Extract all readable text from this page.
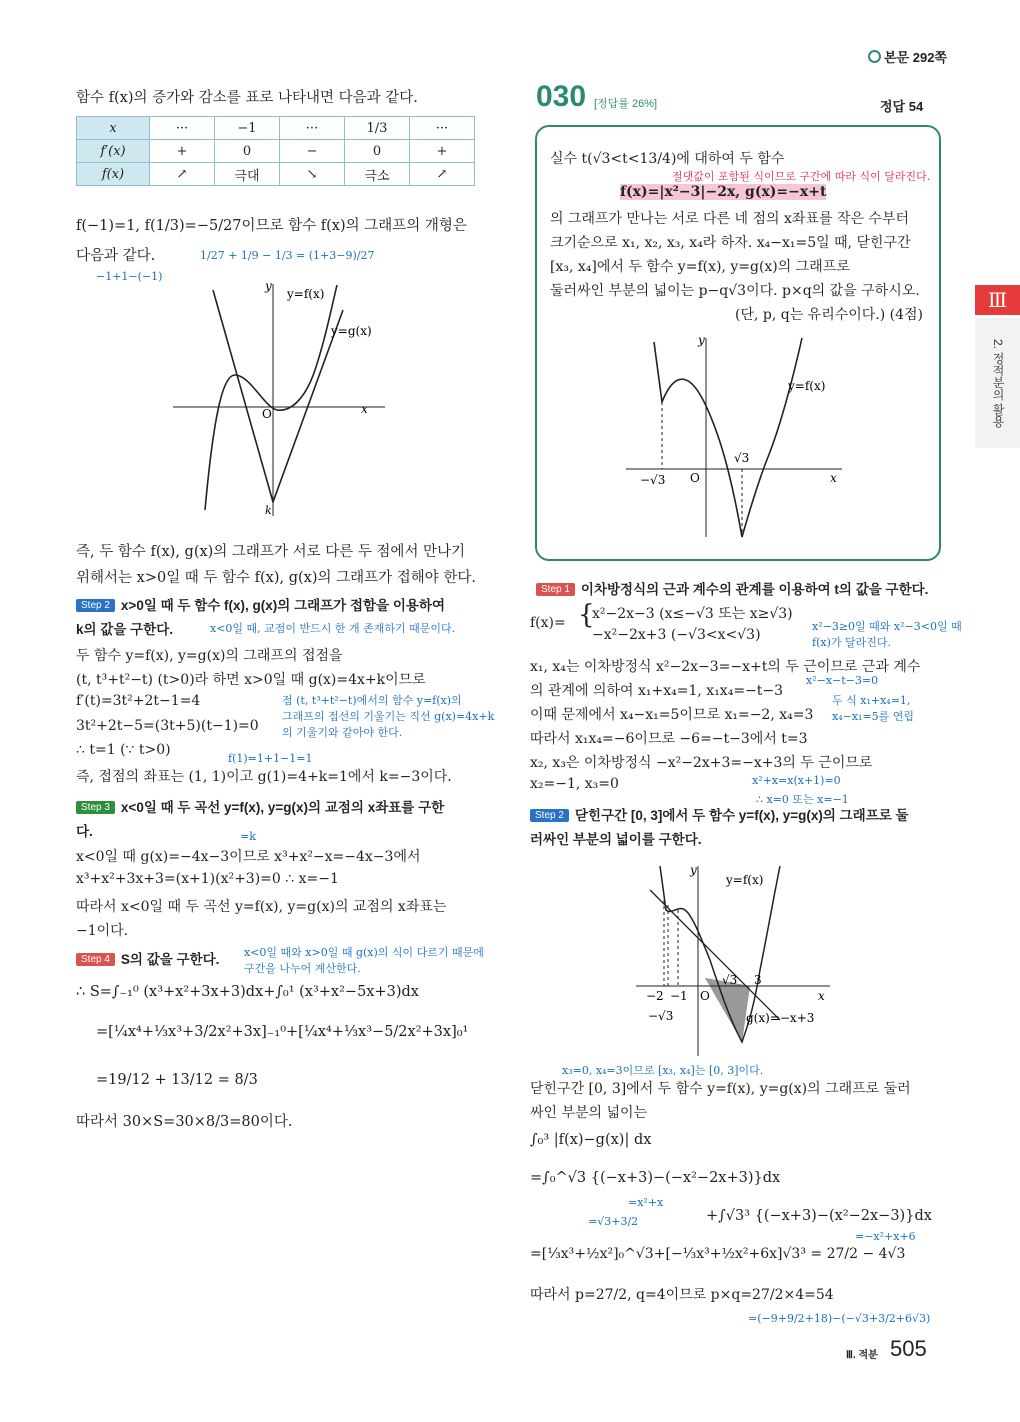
본문 292쪽
함수 f(x)의 증가와 감소를 표로 나타내면 다음과 같다.
x	···	−1	···	1/3	···
f′(x)	+	0	−	0	+
f(x)	↗	극대	↘	극소	↗
f(−1)=1, f(1/3)=−5/27이므로 함수 f(x)의 그래프의 개형은
다음과 같다.	1/27 + 1/9 − 1/3 = (1+3−9)/27
−1+1−(−1)
x
y
O
k
y=f(x)
y=g(x)
즉, 두 함수 f(x), g(x)의 그래프가 서로 다른 두 점에서 만나기
위해서는 x>0일 때 두 함수 f(x), g(x)의 그래프가 접해야 한다.
Step 2 x>0일 때 두 함수 f(x), g(x)의 그래프가 접함을 이용하여
k의 값을 구한다.	x<0일 때, 교점이 반드시 한 개 존재하기 때문이다.
두 함수 y=f(x), y=g(x)의 그래프의 접점을
(t, t³+t²−t) (t>0)라 하면 x>0일 때 g(x)=4x+k이므로
f′(t)=3t²+2t−1=4
3t²+2t−5=(3t+5)(t−1)=0
점 (t, t³+t²−t)에서의 함수 y=f(x)의
그래프의 접선의 기울기는 직선 g(x)=4x+k
의 기울기와 같아야 한다.
∴ t=1 (∵ t>0)
f(1)=1+1−1=1
즉, 접점의 좌표는 (1, 1)이고 g(1)=4+k=1에서 k=−3이다.
Step 3 x<0일 때 두 곡선 y=f(x), y=g(x)의 교점의 x좌표를 구한
다.	=k
x<0일 때 g(x)=−4x−3이므로 x³+x²−x=−4x−3에서
x³+x²+3x+3=(x+1)(x²+3)=0 ∴ x=−1
따라서 x<0일 때 두 곡선 y=f(x), y=g(x)의 교점의 x좌표는
−1이다.
Step 4 S의 값을 구한다. x<0일 때와 x>0일 때 g(x)의 식이 다르기 때문에
구간을 나누어 계산한다.
∴ S=∫₋₁⁰ (x³+x²+3x+3)dx+∫₀¹ (x³+x²−5x+3)dx
=[¼x⁴+⅓x³+3/2x²+3x]₋₁⁰+[¼x⁴+⅓x³−5/2x²+3x]₀¹
=19/12 + 13/12 = 8/3
따라서 30×S=30×8/3=80이다.
030 [정답률 26%]	정답 54
실수 t(√3<t<13/4)에 대하여 두 함수
절댓값이 포함된 식이므로 구간에 따라 식이 달라진다.
f(x)=|x²−3|−2x, g(x)=−x+t
의 그래프가 만나는 서로 다른 네 점의 x좌표를 작은 수부터
크기순으로 x₁, x₂, x₃, x₄라 하자. x₄−x₁=5일 때, 닫힌구간
[x₃, x₄]에서 두 함수 y=f(x), y=g(x)의 그래프로
둘러싸인 부분의 넓이는 p−q√3이다. p×q의 값을 구하시오.
(단, p, q는 유리수이다.) (4점)
x
y
O
−√3
√3
y=f(x)
Step 1 이차방정식의 근과 계수의 관계를 이용하여 t의 값을 구한다.
f(x)= {
x²−2x−3 (x≤−√3 또는 x≥√3)
−x²−2x+3 (−√3<x<√3)
x²−3≥0일 때와 x²−3<0일 때
f(x)가 달라진다.
x₁, x₄는 이차방정식 x²−2x−3=−x+t의 두 근이므로 근과 계수
x²−x−t−3=0
의 관계에 의하여 x₁+x₄=1, x₁x₄=−t−3
두 식 x₁+x₄=1,
x₄−x₁=5를 연립
이때 문제에서 x₄−x₁=5이므로 x₁=−2, x₄=3
따라서 x₁x₄=−6이므로 −6=−t−3에서 t=3
x₂, x₃은 이차방정식 −x²−2x+3=−x+3의 두 근이므로
x²+x=x(x+1)=0
x₂=−1, x₃=0
∴ x=0 또는 x=−1
Step 2 닫힌구간 [0, 3]에서 두 함수 y=f(x), y=g(x)의 그래프로 둘
러싸인 부분의 넓이를 구한다.
x
y
O
−2 −1
−√3
√3 3
y=f(x)
g(x)=−x+3
x₃=0, x₄=3이므로 [x₃, x₄]는 [0, 3]이다.
닫힌구간 [0, 3]에서 두 함수 y=f(x), y=g(x)의 그래프로 둘러
싸인 부분의 넓이는
∫₀³ |f(x)−g(x)| dx
=∫₀^√3 {(−x+3)−(−x²−2x+3)}dx
=x²+x
=√3+3/2	+∫√3³ {(−x+3)−(x²−2x−3)}dx
=−x²+x+6
=[⅓x³+½x²]₀^√3+[−⅓x³+½x²+6x]√3³ = 27/2 − 4√3
따라서 p=27/2, q=4이므로 p×q=27/2×4=54
=(−9+9/2+18)−(−√3+3/2+6√3)
Ⅲ
2. 정적분의 활용
Ⅲ. 적분 505
